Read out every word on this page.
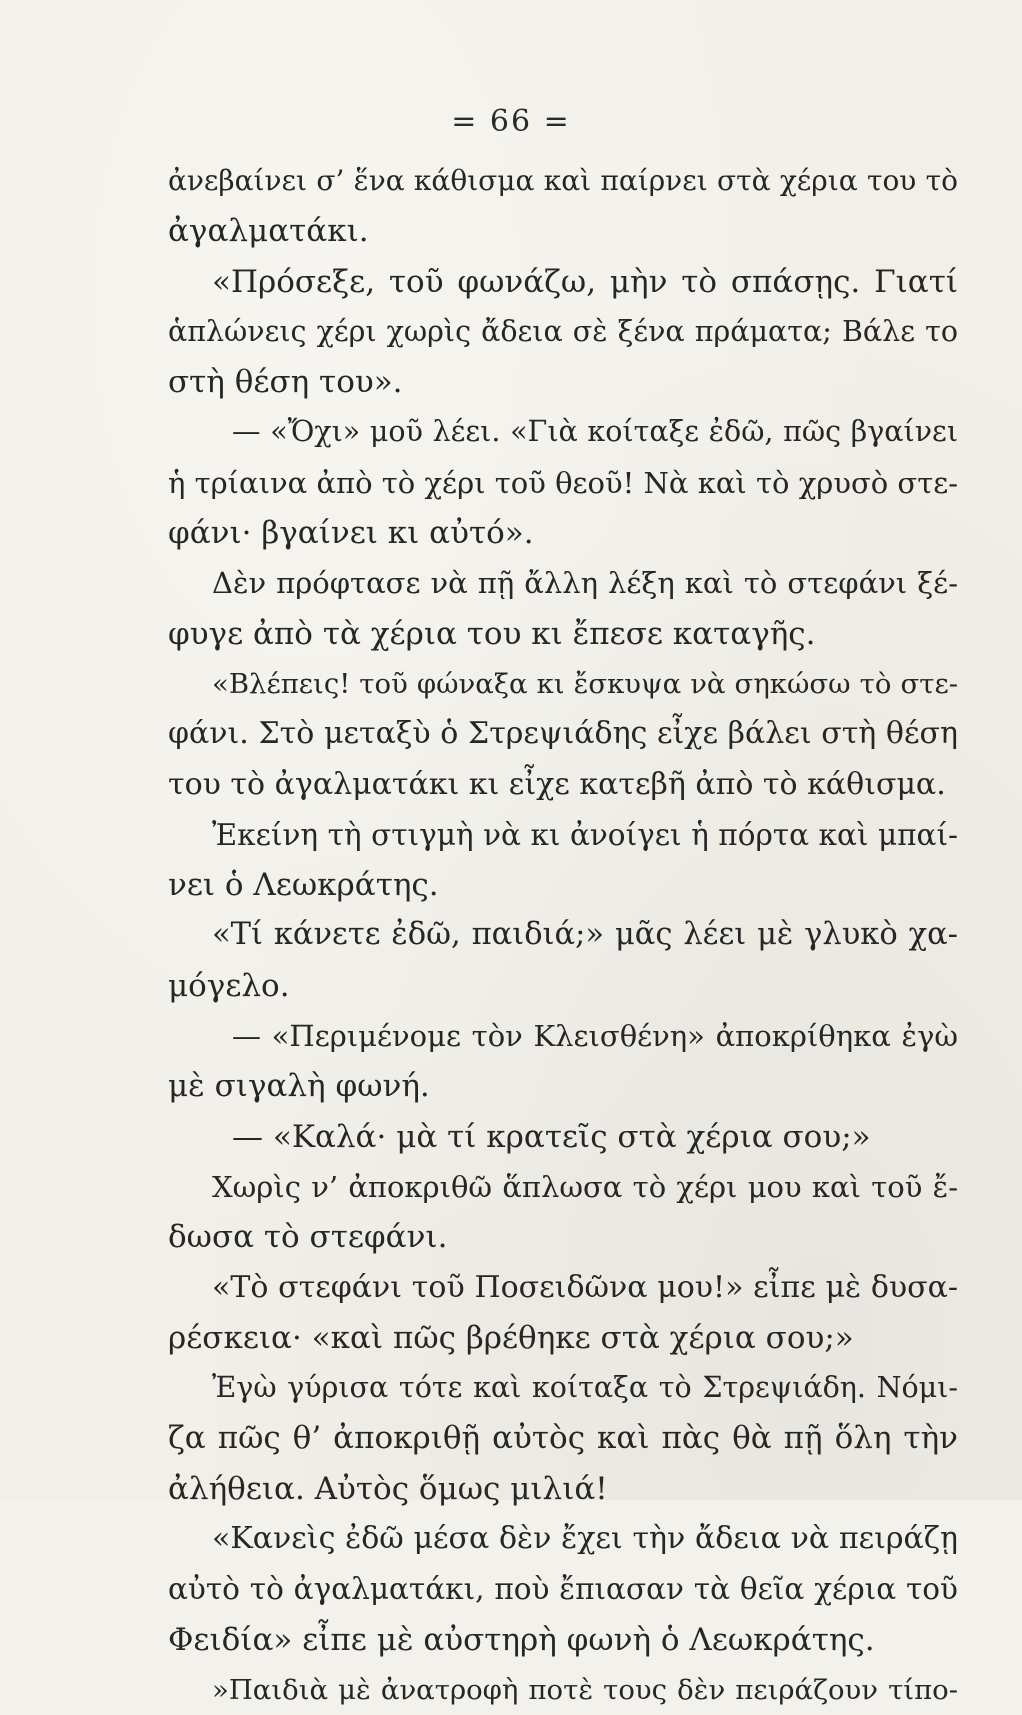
= 66 =
ἀνεβαίνει σ’ ἕνα κάθισμα καὶ παίρνει στὰ χέρια του τὸ
ἀγαλματάκι.
«Πρόσεξε, τοῦ φωνάζω, μὴν τὸ σπάσῃς. Γιατί
ἁπλώνεις χέρι χωρὶς ἄδεια σὲ ξένα πράματα; Βάλε το
στὴ θέση του».
— «Ὄχι» μοῦ λέει. «Γιὰ κοίταξε ἐδῶ, πῶς βγαίνει
ἡ τρίαινα ἀπὸ τὸ χέρι τοῦ θεοῦ! Νὰ καὶ τὸ χρυσὸ στε-
φάνι· βγαίνει κι αὐτό».
Δὲν πρόφτασε νὰ πῇ ἄλλη λέξη καὶ τὸ στεφάνι ξέ-
φυγε ἀπὸ τὰ χέρια του κι ἔπεσε καταγῆς.
«Βλέπεις! τοῦ φώναξα κι ἔσκυψα νὰ σηκώσω τὸ στε-
φάνι. Στὸ μεταξὺ ὁ Στρεψιάδης εἶχε βάλει στὴ θέση
του τὸ ἀγαλματάκι κι εἶχε κατεβῆ ἀπὸ τὸ κάθισμα.
Ἐκείνη τὴ στιγμὴ νὰ κι ἀνοίγει ἡ πόρτα καὶ μπαί-
νει ὁ Λεωκράτης.
«Τί κάνετε ἐδῶ, παιδιά;» μᾶς λέει μὲ γλυκὸ χα-
μόγελο.
— «Περιμένομε τὸν Κλεισθένη» ἀποκρίθηκα ἐγὼ
μὲ σιγαλὴ φωνή.
— «Καλά· μὰ τί κρατεῖς στὰ χέρια σου;»
Χωρὶς ν’ ἀποκριθῶ ἅπλωσα τὸ χέρι μου καὶ τοῦ ἔ-
δωσα τὸ στεφάνι.
«Τὸ στεφάνι τοῦ Ποσειδῶνα μου!» εἶπε μὲ δυσα-
ρέσκεια· «καὶ πῶς βρέθηκε στὰ χέρια σου;»
Ἐγὼ γύρισα τότε καὶ κοίταξα τὸ Στρεψιάδη. Νόμι-
ζα πῶς θ’ ἀποκριθῇ αὐτὸς καὶ πὰς θὰ πῇ ὅλη τὴν
ἀλήθεια. Αὐτὸς ὅμως μιλιά!
«Κανεὶς ἐδῶ μέσα δὲν ἔχει τὴν ἄδεια νὰ πειράζῃ
αὐτὸ τὸ ἀγαλματάκι, ποὺ ἔπιασαν τὰ θεῖα χέρια τοῦ
Φειδία» εἶπε μὲ αὐστηρὴ φωνὴ ὁ Λεωκράτης.
»Παιδιὰ μὲ ἀνατροφὴ ποτὲ τους δὲν πειράζουν τίπο-
